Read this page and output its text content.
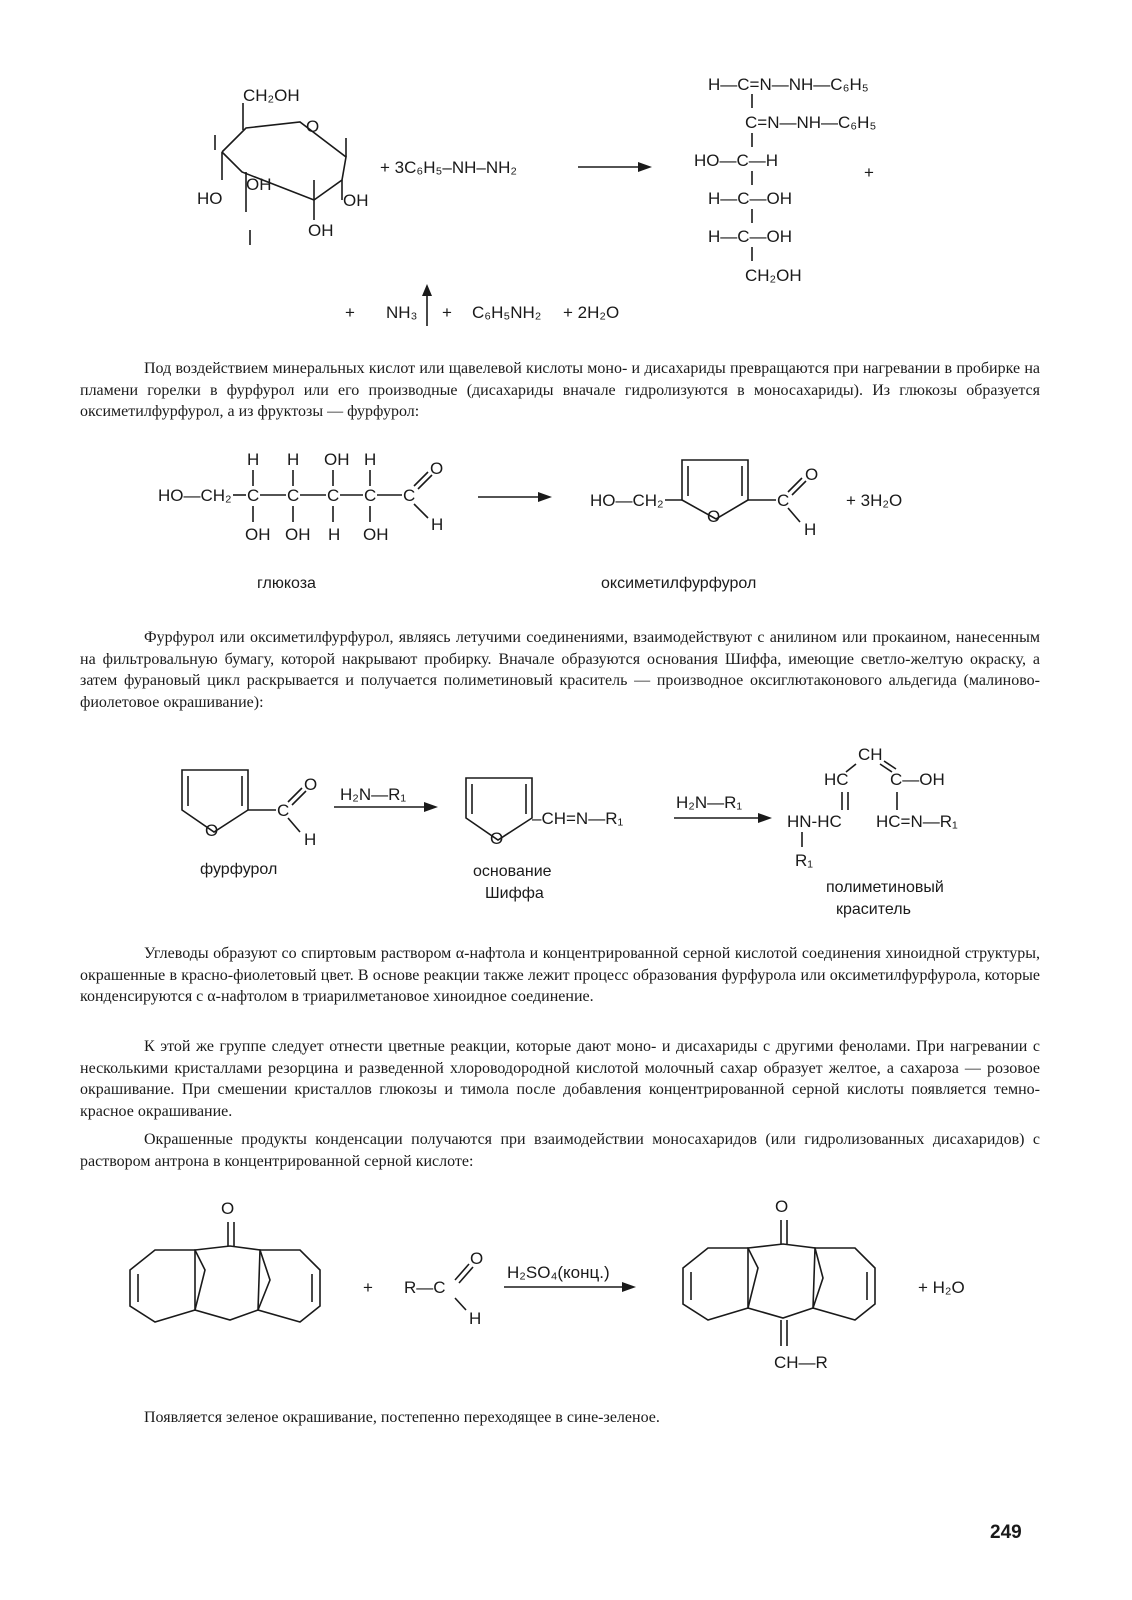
CH₂OH
O
HO
OH
OH
OH
+ 3C₆H₅–NH–NH₂
H—C=N—NH—C₆H₅
C=N—NH—C₆H₅
HO—C—H
H—C—OH
H—C—OH
CH₂OH
+
+ NH₃ + C₆H₅NH₂ + 2H₂O

Под воздействием минеральных кислот или щавелевой кислоты моно- и дисахариды превращаются при нагревании в пробирке на пламени горелки в фурфурол или его производные (дисахариды вначале гидролизуются в моносахариды). Из глюкозы образуется оксиметилфурфурол, а из фруктозы — фурфурол:

H H OH H
HO—CH₂ C C C C C
O
H
OH OH H OH
HO—CH₂
O
C
O
H
+ 3H₂O
глюкоза	оксиметилфурфурол

Фурфурол или оксиметилфурфурол, являясь летучими соединениями, взаимодействуют с анилином или прокаином, нанесенным на фильтровальную бумагу, которой накрывают пробирку. Вначале образуются основания Шиффа, имеющие светло-желтую окраску, а затем фурановый цикл раскрывается и получается полиметиновый краситель — производное оксиглютаконового альдегида (малиново-фиолетовое окрашивание):

O
C
O
H
фурфурол
H₂N—R₁
O
–CH=N—R₁
основание
Шиффа
H₂N—R₁
CH
HC C—OH
HN-HC HC=N—R₁
R₁
полиметиновый
краситель

Углеводы образуют со спиртовым раствором α-нафтола и концентрированной серной кислотой соединения хиноидной структуры, окрашенные в красно-фиолетовый цвет. В основе реакции также лежит процесс образования фурфурола или оксиметилфурфурола, которые конденсируются с α-нафтолом в триарилметановое хиноидное соединение.

К этой же группе следует отнести цветные реакции, которые дают моно- и дисахариды с другими фенолами. При нагревании с несколькими кристаллами резорцина и разведенной хлороводородной кислотой молочный сахар образует желтое, а сахароза — розовое окрашивание. При смешении кристаллов глюкозы и тимола после добавления концентрированной серной кислоты появляется темно-красное окрашивание.

Окрашенные продукты конденсации получаются при взаимодействии моносахаридов (или гидролизованных дисахаридов) с раствором антрона в концентрированной серной кислоте:

O
+ R—C
O
H
H₂SO₄(конц.)
O
CH—R
+ H₂O

Появляется зеленое окрашивание, постепенно переходящее в сине-зеленое.

249
